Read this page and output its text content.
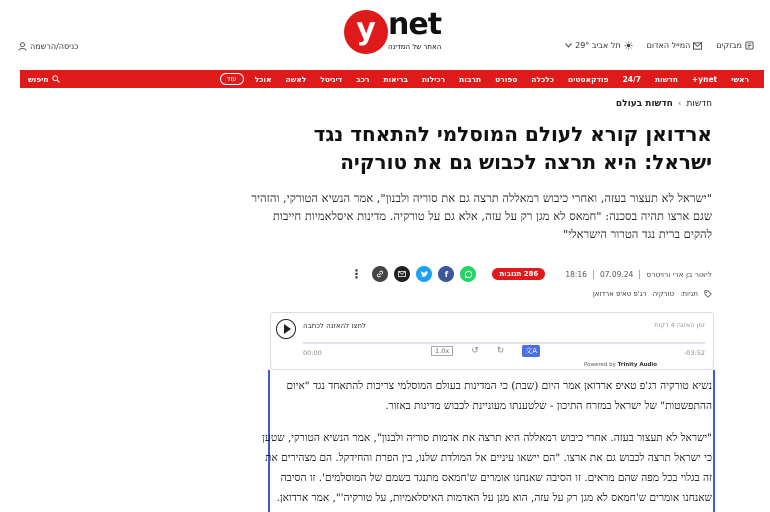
כניסה/הרשמה	y net
האתר של המדינה	מבזקים
המייל האדום
תל אביב 29°
ראשי
ynet+
חדשות
24/7
פודקאסטים
כלכלה
ספורט
תרבות
רכילות
בריאות
רכב
דיגיטל
לאשה
אוכל
עוד
חיפוש
חדשות
›
חדשות בעולם
ארדואן קורא לעולם המוסלמי להתאחד נגד ישראל: היא תרצה לכבוש גם את טורקיה

"ישראל לא תעצור בעזה, ואחרי כיבוש רמאללה תרצה גם את סוריה ולבנון", אמר הנשיא הטורקי, והזהיר שגם ארצו תהיה בסכנה: "חמאס לא מגן רק על עזה, אלא גם על טורקיה. מדינות איסלאמיות חייבות להקים ברית נגד הטרור הישראלי"

ליאור בן ארי ורויטרס
07.09.24
18:16
286 תגובות
f
⋮
תגיות:
טורקיה
רג'פ טאיפ ארדואן
לחצו להאזנה לכתבה	זמן האזנה 4 דקות
00:00	1.0x	↺ ↻	文A	-03:52
Powered by Trinity Audio

נשיא טורקיה רג'פ טאיפ ארדואן אמר היום (שבת) כי המדינות בעולם המוסלמי צריכות להתאחד נגד "איום ההתפשטות" של ישראל במזרח התיכון - שלטענתו מעוניינת לכבוש מדינות באזור.

"ישראל לא תעצור בעזה. אחרי כיבוש רמאללה היא תרצה את אדמות סוריה ולבנון", אמר הנשיא הטורקי, שטען כי ישראל תרצה לכבוש גם את ארצו. "הם יישאו עיניים אל המולדת שלנו, בין הפרת והחידקל. הם מצהירים את זה בגלוי בכל מפה שהם מראים. זו הסיבה שאנחנו אומרים ש'חמאס מתנגד בשמם של המוסלמים'. זו הסיבה שאנחנו אומרים ש'חמאס לא מגן רק על עזה, הוא מגן על האדמות האיסלאמיות, על טורקיה'", אמר ארדואן.
